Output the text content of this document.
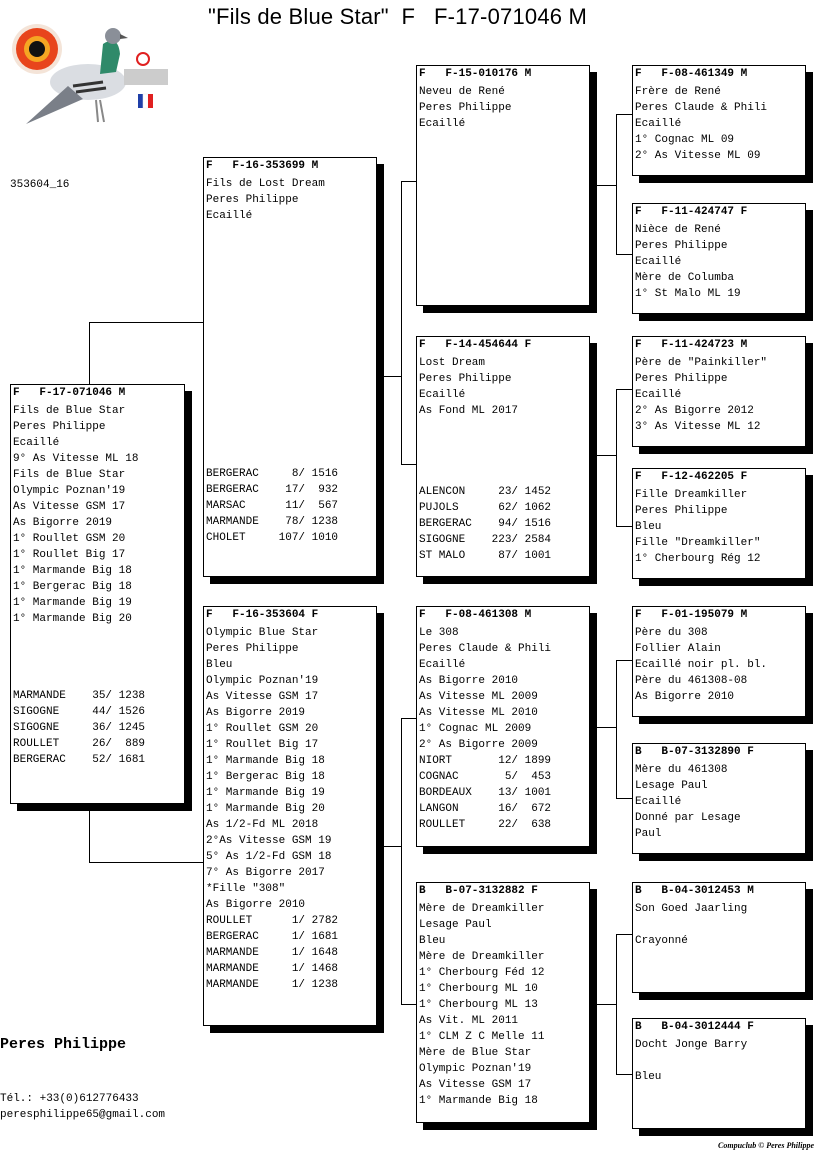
"Fils de Blue Star"  F   F-17-071046 M
353604_16
F   F-17-071046 M
Fils de Blue Star
Peres Philippe
Ecaillé
9° As Vitesse ML 18
Fils de Blue Star
Olympic Poznan'19
As Vitesse GSM 17
As Bigorre 2019
1° Roullet GSM 20
1° Roullet Big 17
1° Marmande Big 18
1° Bergerac Big 18
1° Marmande Big 19
1° Marmande Big 20
MARMANDE    35/ 1238
SIGOGNE     44/ 1526
SIGOGNE     36/ 1245
ROULLET     26/  889
BERGERAC    52/ 1681
F   F-16-353699 M
Fils de Lost Dream
Peres Philippe
Ecaillé
BERGERAC     8/ 1516
BERGERAC    17/  932
MARSAC      11/  567
MARMANDE    78/ 1238
CHOLET     107/ 1010
F   F-16-353604 F
Olympic Blue Star
Peres Philippe
Bleu
Olympic Poznan'19
As Vitesse GSM 17
As Bigorre 2019
1° Roullet GSM 20
1° Roullet Big 17
1° Marmande Big 18
1° Bergerac Big 18
1° Marmande Big 19
1° Marmande Big 20
As 1/2-Fd ML 2018
2°As Vitesse GSM 19
5° As 1/2-Fd GSM 18
7° As Bigorre 2017
*Fille "308"
As Bigorre 2010
ROULLET      1/ 2782
BERGERAC     1/ 1681
MARMANDE     1/ 1648
MARMANDE     1/ 1468
MARMANDE     1/ 1238
F   F-15-010176 M
Neveu de René
Peres Philippe
Ecaillé
F   F-14-454644 F
Lost Dream
Peres Philippe
Ecaillé
As Fond ML 2017
ALENCON     23/ 1452
PUJOLS      62/ 1062
BERGERAC    94/ 1516
SIGOGNE    223/ 2584
ST MALO     87/ 1001
F   F-08-461308 M
Le 308
Peres Claude & Phili
Ecaillé
As Bigorre 2010
As Vitesse ML 2009
As Vitesse ML 2010
1° Cognac ML 2009
2° As Bigorre 2009
NIORT       12/ 1899
COGNAC       5/  453
BORDEAUX    13/ 1001
LANGON      16/  672
ROULLET     22/  638
B   B-07-3132882 F
Mère de Dreamkiller
Lesage Paul
Bleu
Mère de Dreamkiller
1° Cherbourg Féd 12
1° Cherbourg ML 10
1° Cherbourg ML 13
As Vit. ML 2011
1° CLM Z C Melle 11
Mère de Blue Star
Olympic Poznan'19
As Vitesse GSM 17
1° Marmande Big 18
F   F-08-461349 M
Frère de René
Peres Claude & Phili
Ecaillé
1° Cognac ML 09
2° As Vitesse ML 09
F   F-11-424747 F
Nièce de René
Peres Philippe
Ecaillé
Mère de Columba
1° St Malo ML 19
F   F-11-424723 M
Père de "Painkiller"
Peres Philippe
Ecaillé
2° As Bigorre 2012
3° As Vitesse ML 12
F   F-12-462205 F
Fille Dreamkiller
Peres Philippe
Bleu
Fille "Dreamkiller"
1° Cherbourg Rég 12
F   F-01-195079 M
Père du 308
Follier Alain
Ecaillé noir pl. bl.
Père du 461308-08
As Bigorre 2010
B   B-07-3132890 F
Mère du 461308
Lesage Paul
Ecaillé
Donné par Lesage
Paul
B   B-04-3012453 M
Son Goed Jaarling

Crayonné
B   B-04-3012444 F
Docht Jonge Barry

Bleu
Peres Philippe
Tél.: +33(0)612776433
peresphilippe65@gmail.com
Compuclub © Peres Philippe
